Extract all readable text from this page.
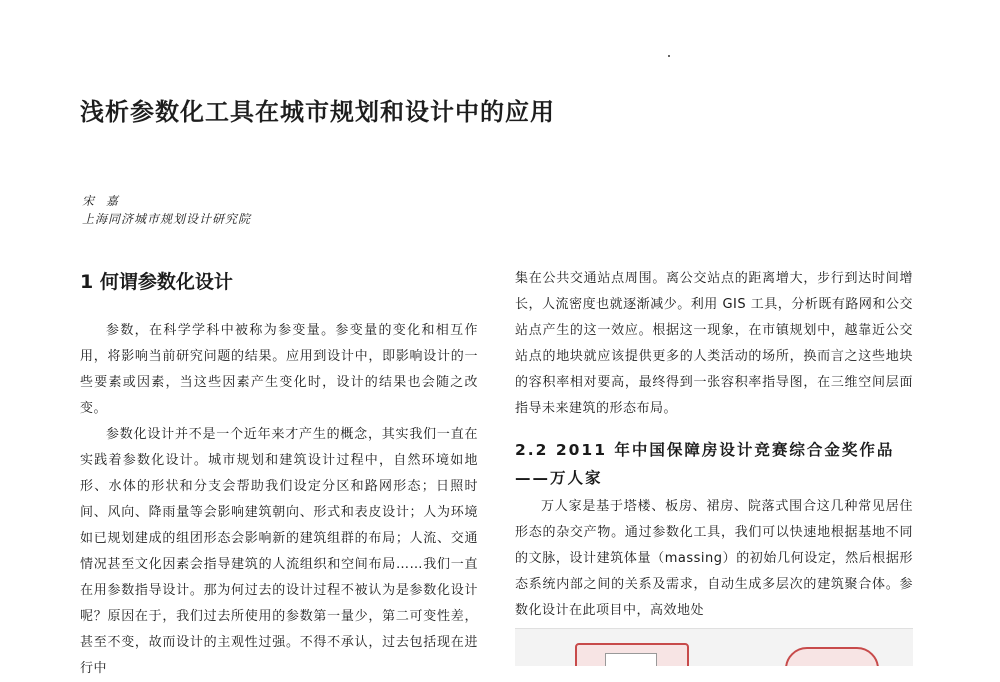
浅析参数化工具在城市规划和设计中的应用
宋 嘉
上海同济城市规划设计研究院
1 何谓参数化设计

参数，在科学学科中被称为参变量。参变量的变化和相互作用，将影响当前研究问题的结果。应用到设计中，即影响设计的一些要素或因素，当这些因素产生变化时，设计的结果也会随之改变。

参数化设计并不是一个近年来才产生的概念，其实我们一直在实践着参数化设计。城市规划和建筑设计过程中，自然环境如地形、水体的形状和分支会帮助我们设定分区和路网形态；日照时间、风向、降雨量等会影响建筑朝向、形式和表皮设计；人为环境如已规划建成的组团形态会影响新的建筑组群的布局；人流、交通情况甚至文化因素会指导建筑的人流组织和空间布局……我们一直在用参数指导设计。那为何过去的设计过程不被认为是参数化设计呢？原因在于，我们过去所使用的参数第一量少，第二可变性差，甚至不变，故而设计的主观性过强。不得不承认，过去包括现在进行中

集在公共交通站点周围。离公交站点的距离增大，步行到达时间增长，人流密度也就逐渐减少。利用 GIS 工具，分析既有路网和公交站点产生的这一效应。根据这一现象，在市镇规划中，越靠近公交站点的地块就应该提供更多的人类活动的场所，换而言之这些地块的容积率相对要高，最终得到一张容积率指导图，在三维空间层面指导未来建筑的形态布局。

2.2 2011 年中国保障房设计竞赛综合金奖作品——万人家

万人家是基于塔楼、板房、裙房、院落式围合这几种常见居住形态的杂交产物。通过参数化工具，我们可以快速地根据基地不同的文脉，设计建筑体量（massing）的初始几何设定，然后根据形态系统内部之间的关系及需求，自动生成多层次的建筑聚合体。参数化设计在此项目中，高效地处
